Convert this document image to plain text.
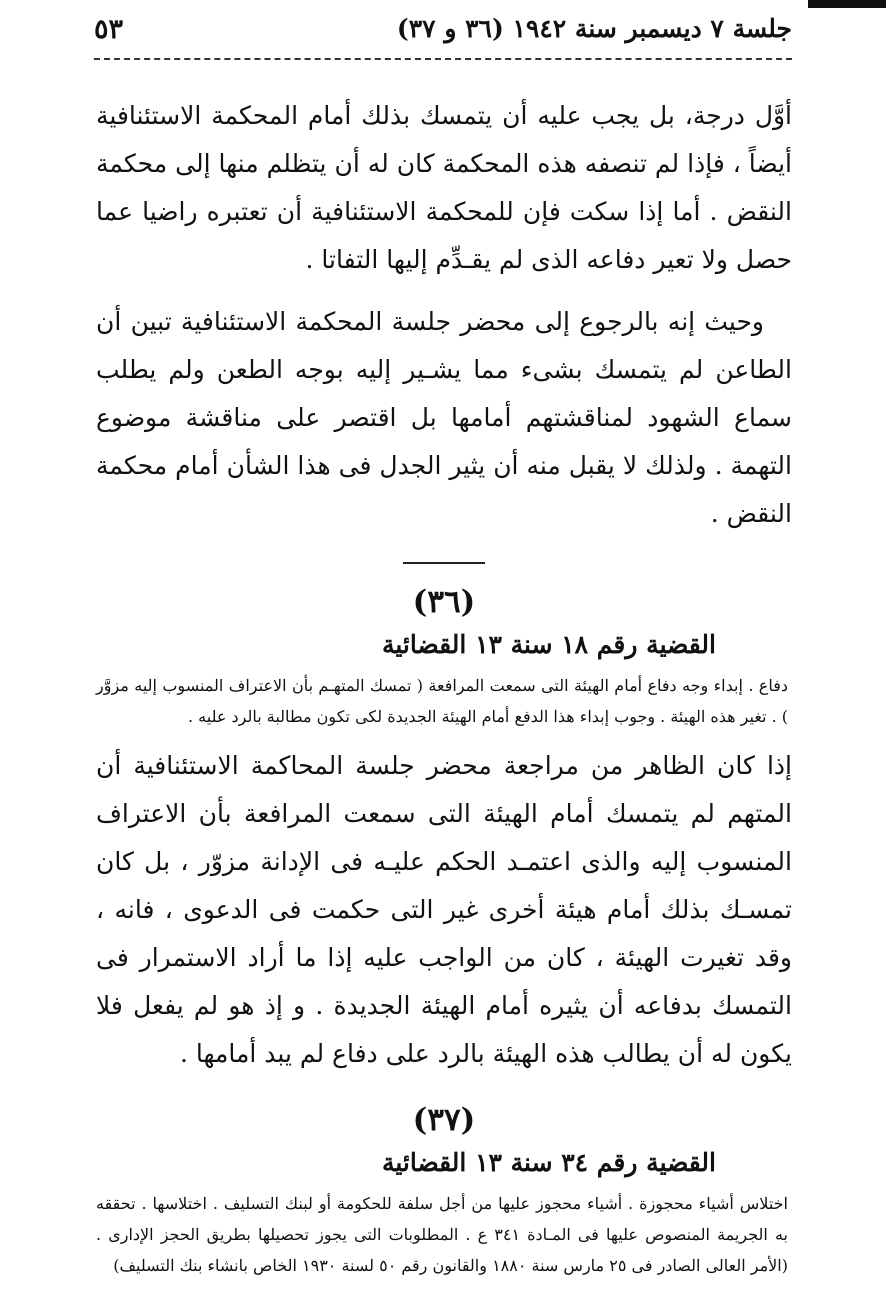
جلسة ٧ ديسمبر سنة ١٩٤٢ (٣٦ و ٣٧)
٥٣

أوَّل درجة، بل يجب عليه أن يتمسك بذلك أمام المحكمة الاستئنافية أيضاً ، فإذا لم تنصفه هذه المحكمة كان له أن يتظلم منها إلى محكمة النقض . أما إذا سكت فإن للمحكمة الاستئنافية أن تعتبره راضيا عما حصل ولا تعير دفاعه الذى لم يقـدِّم إليها التفاتا .

وحيث إنه بالرجوع إلى محضر جلسة المحكمة الاستئنافية تبين أن الطاعن لم يتمسك بشىء مما يشـير إليه بوجه الطعن ولم يطلب سماع الشهود لمناقشتهم أمامها بل اقتصر على مناقشة موضوع التهمة . ولذلك لا يقبل منه أن يثير الجدل فى هذا الشأن أمام محكمة النقض .

(٣٦)
القضية رقم ١٨ سنة ١٣ القضائية

دفاع . إبداء وجه دفاع أمام الهيئة التى سمعت المرافعة ( تمسك المتهـم بأن الاعتراف المنسوب إليه مزوَّر ) . تغير هذه الهيئة . وجوب إبداء هذا الدفع أمام الهيئة الجديدة لكى تكون مطالبة بالرد عليه .

إذا كان الظاهر من مراجعة محضر جلسة المحاكمة الاستئنافية أن المتهم لم يتمسك أمام الهيئة التى سمعت المرافعة بأن الاعتراف المنسوب إليه والذى اعتمـد الحكم عليـه فى الإدانة مزوّر ، بل كان تمسـك بذلك أمام هيئة أخرى غير التى حكمت فى الدعوى ، فانه ، وقد تغيرت الهيئة ، كان من الواجب عليه إذا ما أراد الاستمرار فى التمسك بدفاعه أن يثيره أمام الهيئة الجديدة . و إذ هو لم يفعل فلا يكون له أن يطالب هذه الهيئة بالرد على دفاع لم يبد أمامها .

(٣٧)
القضية رقم ٣٤ سنة ١٣ القضائية

اختلاس أشياء محجوزة . أشياء محجوز عليها من أجل سلفة للحكومة أو لبنك التسليف . اختلاسها . تحققه به الجريمة المنصوص عليها فى المـادة ٣٤١ ع . المطلوبات التى يجوز تحصيلها بطريق الحجز الإدارى . (الأمر العالى الصادر فى ٢٥ مارس سنة ١٨٨٠ والقانون رقم ٥٠ لسنة ١٩٣٠ الخاص بانشاء بنك التسليف)
